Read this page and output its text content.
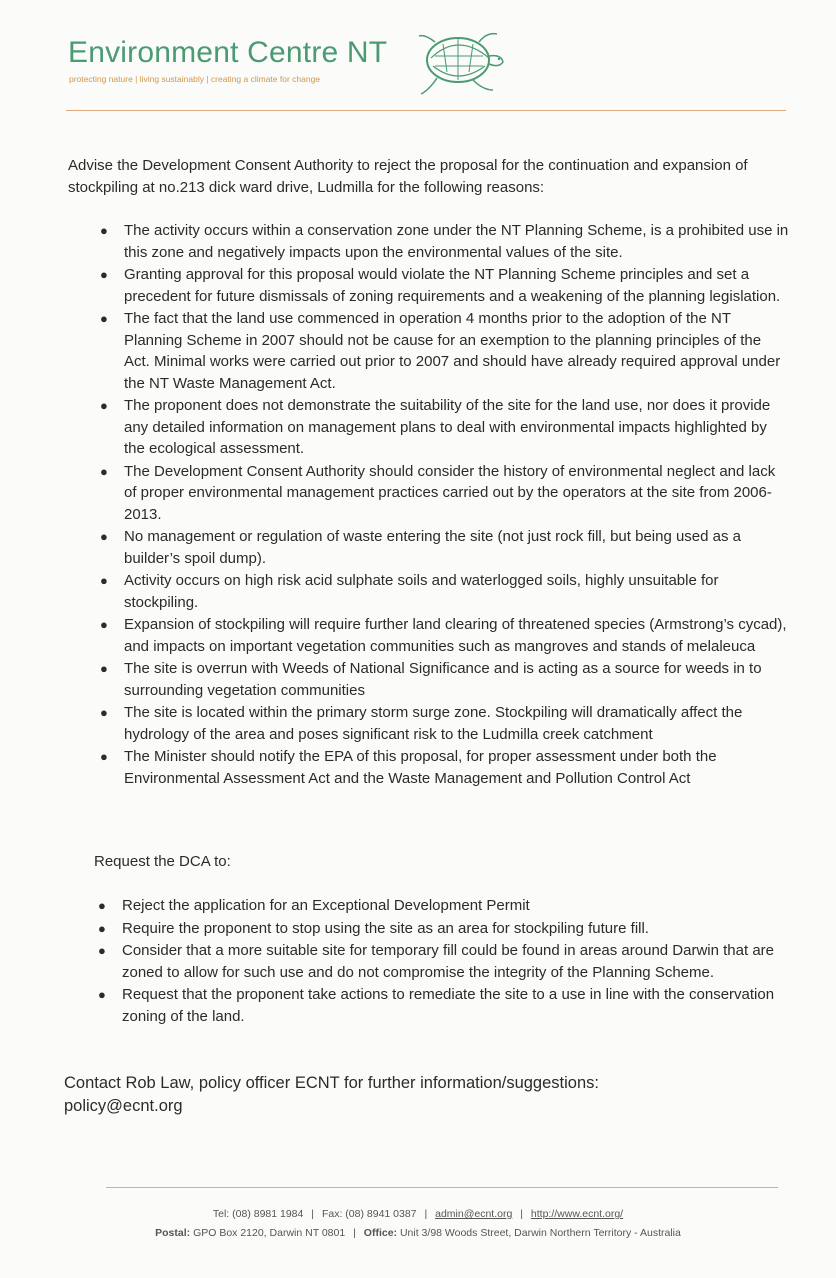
Environment Centre NT
protecting nature | living sustainably | creating a climate for change

Advise the Development Consent Authority to reject the proposal for the continuation and expansion of stockpiling at no.213 dick ward drive, Ludmilla for the following reasons:

● The activity occurs within a conservation zone under the NT Planning Scheme, is a prohibited use in this zone and negatively impacts upon the environmental values of the site.
● Granting approval for this proposal would violate the NT Planning Scheme principles and set a precedent for future dismissals of zoning requirements and a weakening of the planning legislation.
● The fact that the land use commenced in operation 4 months prior to the adoption of the NT Planning Scheme in 2007 should not be cause for an exemption to the planning principles of the Act. Minimal works were carried out prior to 2007 and should have already required approval under the NT Waste Management Act.
● The proponent does not demonstrate the suitability of the site for the land use, nor does it provide any detailed information on management plans to deal with environmental impacts highlighted by the ecological assessment.
● The Development Consent Authority should consider the history of environmental neglect and lack of proper environmental management practices carried out by the operators at the site from 2006-2013.
● No management or regulation of waste entering the site (not just rock fill, but being used as a builder’s spoil dump).
● Activity occurs on high risk acid sulphate soils and waterlogged soils, highly unsuitable for stockpiling.
● Expansion of stockpiling will require further land clearing of threatened species (Armstrong’s cycad), and impacts on important vegetation communities such as mangroves and stands of melaleuca
● The site is overrun with Weeds of National Significance and is acting as a source for weeds in to surrounding vegetation communities
● The site is located within the primary storm surge zone. Stockpiling will dramatically affect the hydrology of the area and poses significant risk to the Ludmilla creek catchment
● The Minister should notify the EPA of this proposal, for proper assessment under both the Environmental Assessment Act and the Waste Management and Pollution Control Act

Request the DCA to:

● Reject the application for an Exceptional Development Permit
● Require the proponent to stop using the site as an area for stockpiling future fill.
● Consider that a more suitable site for temporary fill could be found in areas around Darwin that are zoned to allow for such use and do not compromise the integrity of the Planning Scheme.
● Request that the proponent take actions to remediate the site to a use in line with the conservation zoning of the land.
Contact Rob Law, policy officer ECNT for further information/suggestions:
policy@ecnt.org
Tel: (08) 8981 1984 | Fax: (08) 8941 0387 | admin@ecnt.org | http://www.ecnt.org/
Postal: GPO Box 2120, Darwin NT 0801 | Office: Unit 3/98 Woods Street, Darwin Northern Territory - Australia
